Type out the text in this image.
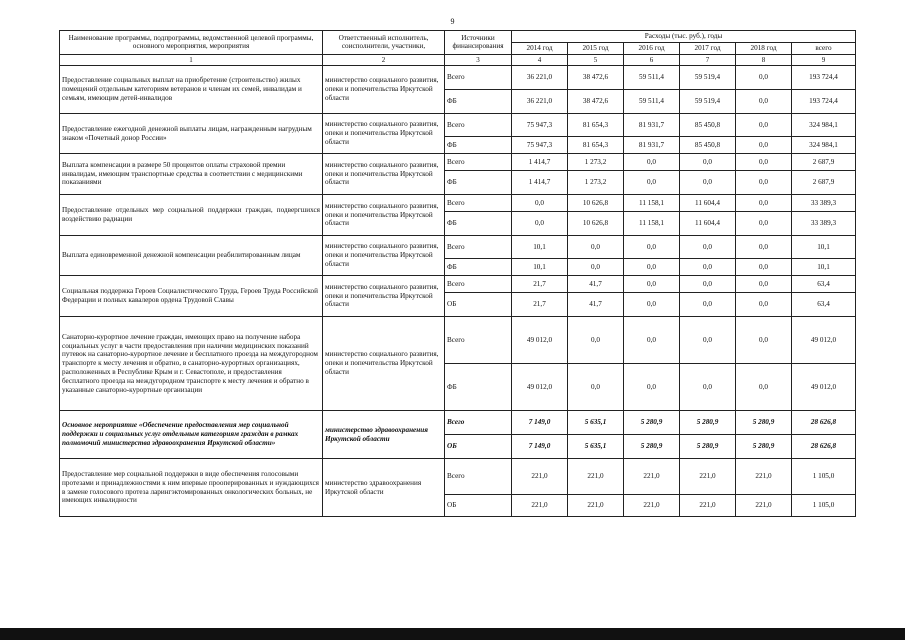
9
Наименование программы, подпрограммы, ведомственной целевой программы, основного мероприятия, мероприятия	Ответственный исполнитель, соисполнители, участники,	Источники финансирования	Расходы (тыс. руб.), годы					
			2014 год	2015 год	2016 год	2017 год	2018 год	всего
1	2	3	4	5	6	7	8	9
Предоставление социальных выплат на приобретение (строительство) жилых помещений отдельным категориям ветеранов и членам их семей, инвалидам и семьям, имеющим детей-инвалидов	министерство социального развития, опеки и попечительства Иркутской области	Всего	36 221,0	38 472,6	59 511,4	59 519,4	0,0	193 724,4
		ФБ	36 221,0	38 472,6	59 511,4	59 519,4	0,0	193 724,4
Предоставление ежегодной денежной выплаты лицам, награжденным нагрудным знаком «Почетный донор России»	министерство социального развития, опеки и попечительства Иркутской области	Всего	75 947,3	81 654,3	81 931,7	85 450,8	0,0	324 984,1
		ФБ	75 947,3	81 654,3	81 931,7	85 450,8	0,0	324 984,1
Выплата компенсации в размере 50 процентов оплаты страховой премии инвалидам, имеющим транспортные средства в соответствии с медицинскими показаниями	министерство социального развития, опеки и попечительства Иркутской области	Всего	1 414,7	1 273,2	0,0	0,0	0,0	2 687,9
		ФБ	1 414,7	1 273,2	0,0	0,0	0,0	2 687,9
Предоставление отдельных мер социальной поддержки граждан, подвергшихся воздействию радиации	министерство социального развития, опеки и попечительства Иркутской области	Всего	0,0	10 626,8	11 158,1	11 604,4	0,0	33 389,3
		ФБ	0,0	10 626,8	11 158,1	11 604,4	0,0	33 389,3
Выплата единовременной денежной компенсации реабилитированным лицам	министерство социального развития, опеки и попечительства Иркутской области	Всего	10,1	0,0	0,0	0,0	0,0	10,1
		ФБ	10,1	0,0	0,0	0,0	0,0	10,1
Социальная поддержка Героев Социалистического Труда, Героев Труда Российской Федерации и полных кавалеров ордена Трудовой Славы	министерство социального развития, опеки и попечительства Иркутской области	Всего	21,7	41,7	0,0	0,0	0,0	63,4
		ОБ	21,7	41,7	0,0	0,0	0,0	63,4
Санаторно-курортное лечение граждан, имеющих право на получение набора социальных услуг в части предоставления при наличии медицинских показаний путевок на санаторно-курортное лечение и бесплатного проезда на междугородном транспорте к месту лечения и обратно, в санаторно-курортных организациях, расположенных в Республике Крым и г. Севастополе, и предоставления бесплатного проезда на междугородном транспорте к месту лечения и обратно в указанные санаторно-курортные организации	министерство социального развития, опеки и попечительства Иркутской области	Всего	49 012,0	0,0	0,0	0,0	0,0	49 012,0
		ФБ	49 012,0	0,0	0,0	0,0	0,0	49 012,0
Основное мероприятие «Обеспечение предоставления мер социальной поддержки и социальных услуг отдельным категориям граждан в рамках полномочий министерства здравоохранения Иркутской области»	министерство здравоохранения Иркутской области	Всего	7 149,0	5 635,1	5 280,9	5 280,9	5 280,9	28 626,8
		ОБ	7 149,0	5 635,1	5 280,9	5 280,9	5 280,9	28 626,8
Предоставление мер социальной поддержки в виде обеспечения голосовыми протезами и принадлежностями к ним впервые прооперированных и нуждающихся в замене голосового протеза ларингэктомированных онкологических больных, не имеющих инвалидности	министерство здравоохранения Иркутской области	Всего	221,0	221,0	221,0	221,0	221,0	1 105,0
		ОБ	221,0	221,0	221,0	221,0	221,0	1 105,0
